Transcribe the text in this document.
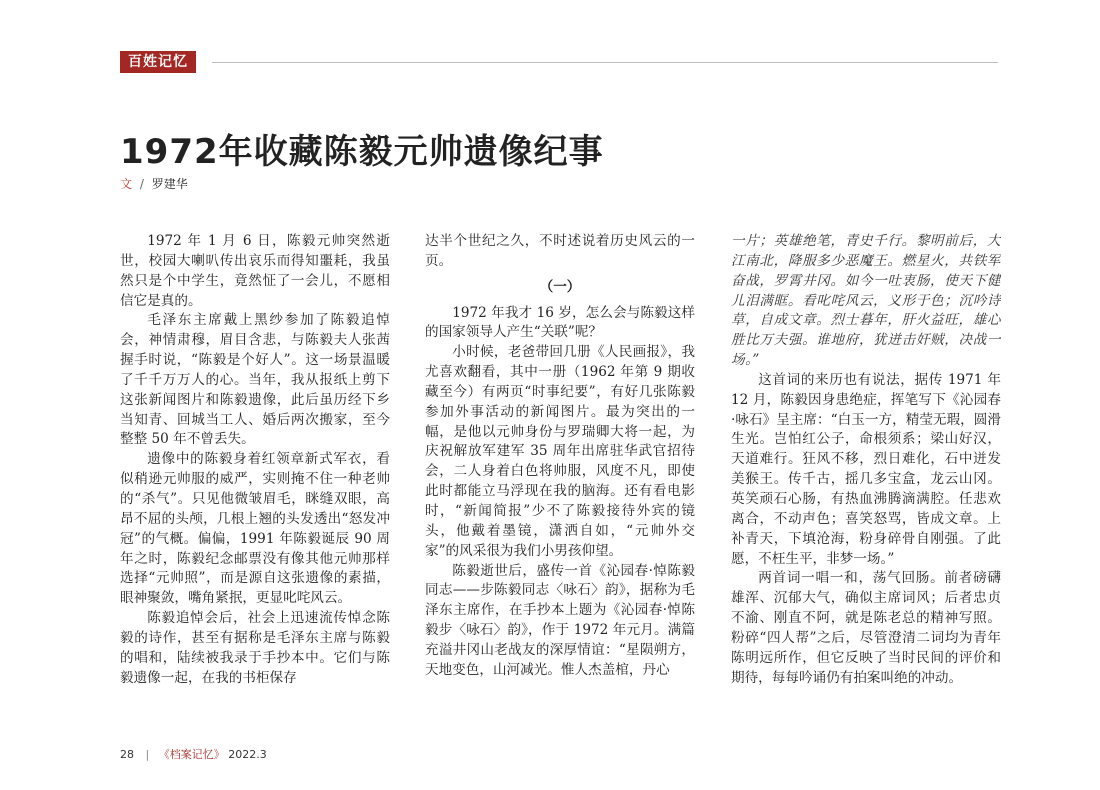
百姓记忆
1972年收藏陈毅元帅遗像纪事
文 / 罗建华

1972 年 1 月 6 日，陈毅元帅突然逝世，校园大喇叭传出哀乐而得知噩耗，我虽然只是个中学生，竟然怔了一会儿，不愿相信它是真的。

毛泽东主席戴上黑纱参加了陈毅追悼会，神情肃穆，眉目含悲，与陈毅夫人张茜握手时说，“陈毅是个好人”。这一场景温暖了千千万万人的心。当年，我从报纸上剪下这张新闻图片和陈毅遗像，此后虽历经下乡当知青、回城当工人、婚后两次搬家，至今整整 50 年不曾丢失。

遗像中的陈毅身着红领章新式军衣，看似稍逊元帅服的威严，实则掩不住一种老帅的“杀气”。只见他微皱眉毛，眯缝双眼，高昂不屈的头颅，几根上翘的头发透出“怒发冲冠”的气概。偏偏，1991 年陈毅诞辰 90 周年之时，陈毅纪念邮票没有像其他元帅那样选择“元帅照”，而是源自这张遗像的素描，眼神聚敛，嘴角紧抿，更显叱咤风云。

陈毅追悼会后，社会上迅速流传悼念陈毅的诗作，甚至有据称是毛泽东主席与陈毅的唱和，陆续被我录于手抄本中。它们与陈毅遗像一起，在我的书柜保存

达半个世纪之久，不时述说着历史风云的一页。

（一）

1972 年我才 16 岁，怎么会与陈毅这样的国家领导人产生“关联”呢？

小时候，老爸带回几册《人民画报》，我尤喜欢翻看，其中一册（1962 年第 9 期收藏至今）有两页“时事纪要”，有好几张陈毅参加外事活动的新闻图片。最为突出的一幅，是他以元帅身份与罗瑞卿大将一起，为庆祝解放军建军 35 周年出席驻华武官招待会，二人身着白色将帅服，风度不凡，即使此时都能立马浮现在我的脑海。还有看电影时，“新闻简报”少不了陈毅接待外宾的镜头，他戴着墨镜，潇洒自如，“元帅外交家”的风采很为我们小男孩仰望。

陈毅逝世后，盛传一首《沁园春·悼陈毅同志——步陈毅同志〈咏石〉韵》，据称为毛泽东主席作，在手抄本上题为《沁园春·悼陈毅步〈咏石〉韵》，作于 1972 年元月。满篇充溢井冈山老战友的深厚情谊：“星陨朔方，天地变色，山河减光。惟人杰盖棺，丹心

一片；英雄绝笔，青史千行。黎明前后，大江南北，降服多少恶魔王。燃星火，共铁军奋战，罗霄井冈。如今一吐衷肠，使天下健儿泪满眶。看叱咤风云，义形于色；沉吟诗草，自成文章。烈士暮年，肝火益旺，雄心胜比万夫强。谁地府，犹迸击奸贼，决战一场。”

这首词的来历也有说法，据传 1971 年 12 月，陈毅因身患绝症，挥笔写下《沁园春·咏石》呈主席：“白玉一方，精莹无瑕，圆滑生光。岂怕红公子，命根须系；梁山好汉，天道难行。狂风不移，烈日难化，石中迸发美猴王。传千古，摇几多宝盒，龙云山冈。英笑顽石心肠，有热血沸腾滴满腔。任悲欢离合，不动声色；喜笑怒骂，皆成文章。上补青天，下填沧海，粉身碎骨自刚强。了此愿，不枉生平，非梦一场。”

两首词一唱一和，荡气回肠。前者磅礴雄浑、沉郁大气，确似主席词风；后者忠贞不渝、刚直不阿，就是陈老总的精神写照。粉碎“四人帮”之后，尽管澄清二词均为青年陈明远所作，但它反映了当时民间的评价和期待，每每吟诵仍有拍案叫绝的冲动。

28 | 《档案记忆》 2022.3
